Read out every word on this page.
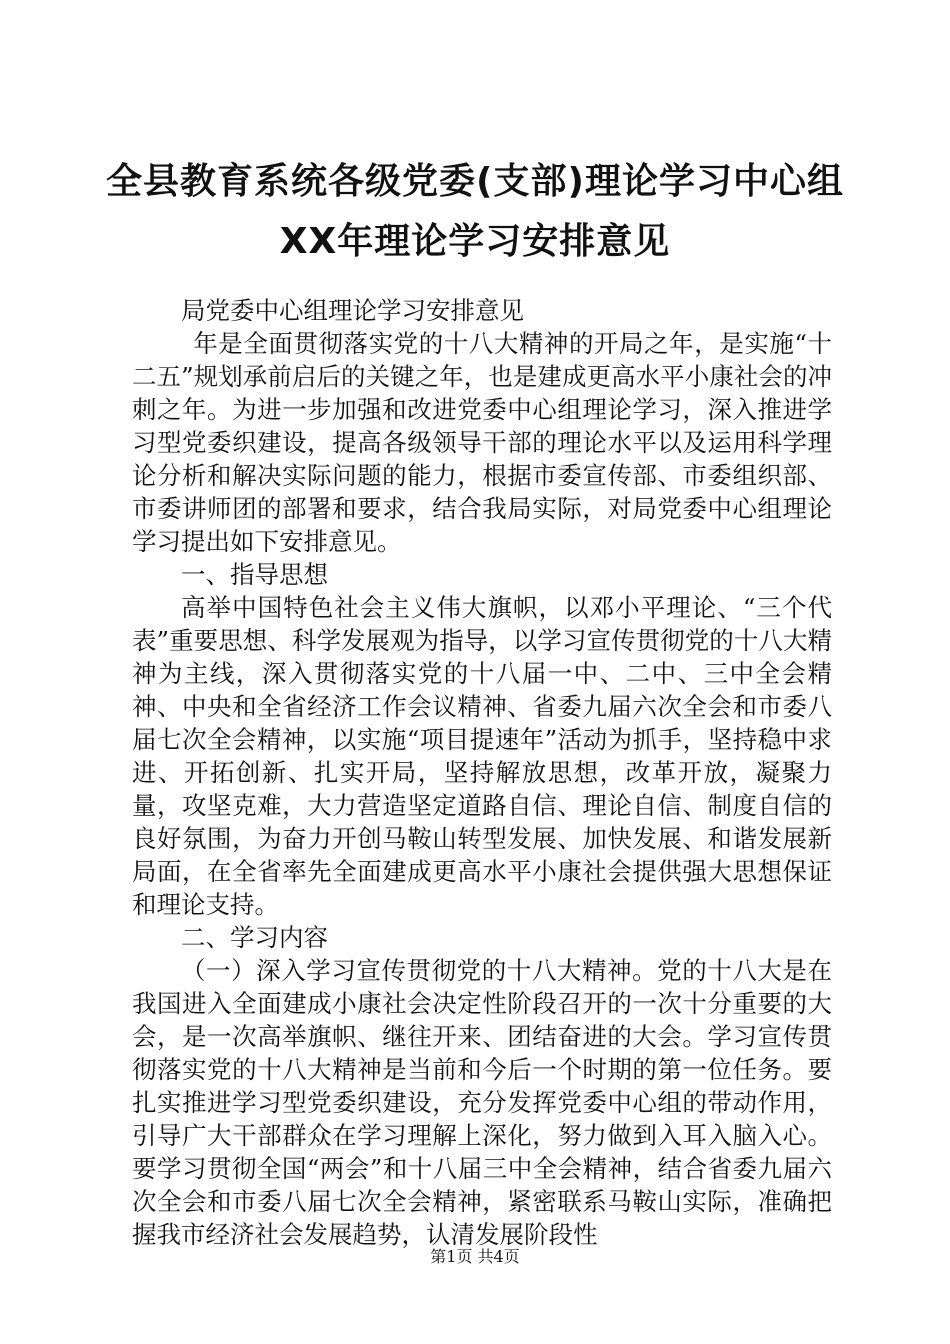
全县教育系统各级党委(支部)理论学习中心组
XX年理论学习安排意见

局党委中心组理论学习安排意见

年是全面贯彻落实党的十八大精神的开局之年，是实施“十二五”规划承前启后的关键之年，也是建成更高水平小康社会的冲刺之年。为进一步加强和改进党委中心组理论学习，深入推进学习型党委织建设，提高各级领导干部的理论水平以及运用科学理论分析和解决实际问题的能力，根据市委宣传部、市委组织部、市委讲师团的部署和要求，结合我局实际，对局党委中心组理论学习提出如下安排意见。

一、指导思想

高举中国特色社会主义伟大旗帜，以邓小平理论、“三个代表”重要思想、科学发展观为指导，以学习宣传贯彻党的十八大精神为主线，深入贯彻落实党的十八届一中、二中、三中全会精神、中央和全省经济工作会议精神、省委九届六次全会和市委八届七次全会精神，以实施“项目提速年”活动为抓手，坚持稳中求进、开拓创新、扎实开局，坚持解放思想，改革开放，凝聚力量，攻坚克难，大力营造坚定道路自信、理论自信、制度自信的良好氛围，为奋力开创马鞍山转型发展、加快发展、和谐发展新局面，在全省率先全面建成更高水平小康社会提供强大思想保证和理论支持。

二、学习内容

（一）深入学习宣传贯彻党的十八大精神。党的十八大是在我国进入全面建成小康社会决定性阶段召开的一次十分重要的大会，是一次高举旗帜、继往开来、团结奋进的大会。学习宣传贯彻落实党的十八大精神是当前和今后一个时期的第一位任务。要扎实推进学习型党委织建设，充分发挥党委中心组的带动作用，引导广大干部群众在学习理解上深化，努力做到入耳入脑入心。要学习贯彻全国“两会”和十八届三中全会精神，结合省委九届六次全会和市委八届七次全会精神，紧密联系马鞍山实际，准确把握我市经济社会发展趋势，认清发展阶段性

第1页 共4页
